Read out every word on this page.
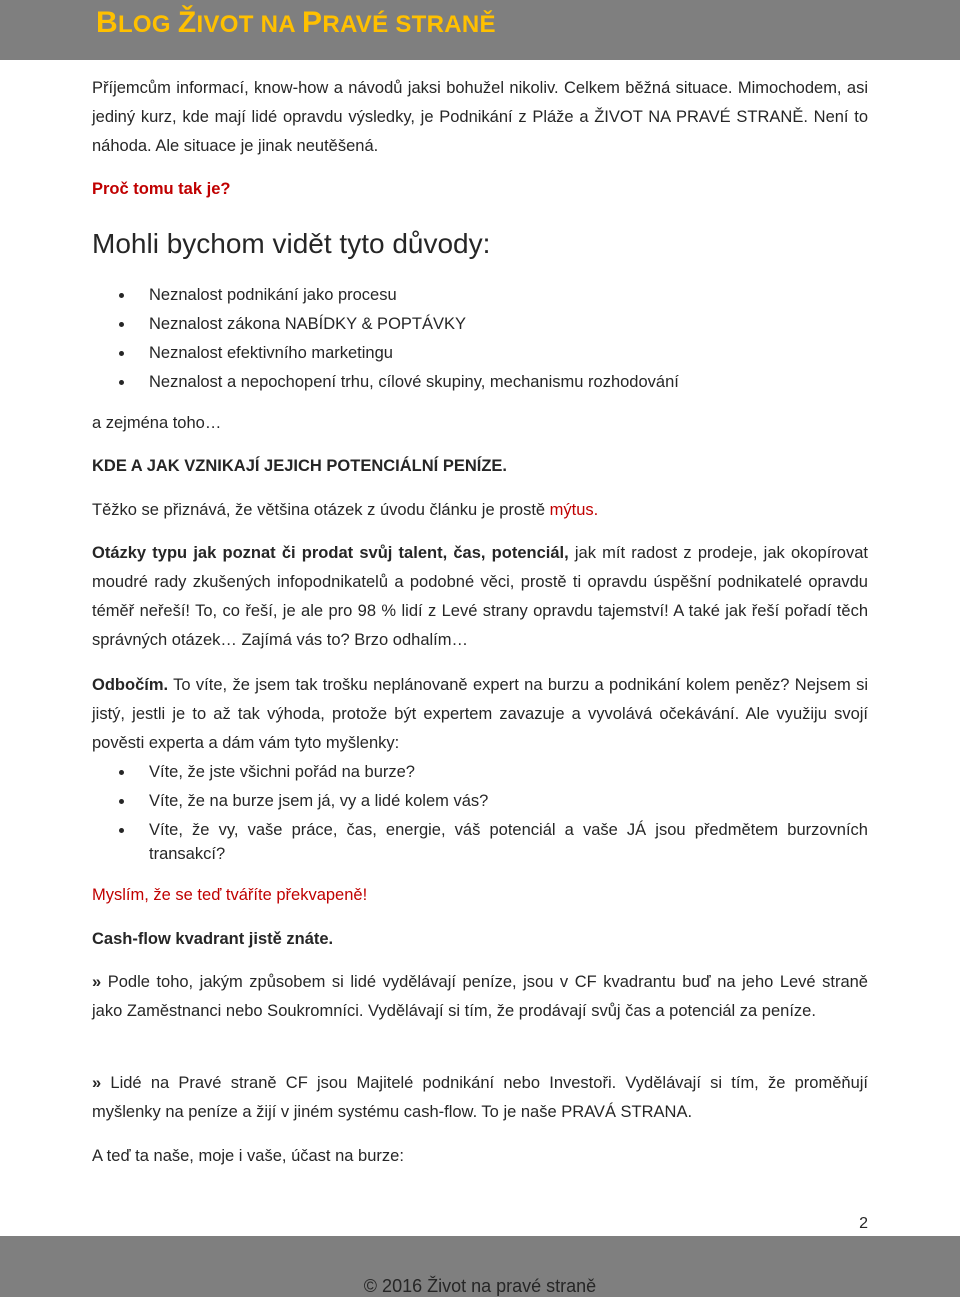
BLOG ŽIVOT NA PRAVÉ STRANĚ

Příjemcům informací, know-how a návodů jaksi bohužel nikoliv. Celkem běžná situace. Mimochodem, asi jediný kurz, kde mají lidé opravdu výsledky, je Podnikání z Pláže a ŽIVOT NA PRAVÉ STRANĚ. Není to náhoda. Ale situace je jinak neutěšená.

Proč tomu tak je?

Mohli bychom vidět tyto důvody:
Neznalost podnikání jako procesu
Neznalost zákona NABÍDKY & POPTÁVKY
Neznalost efektivního marketingu
Neznalost a nepochopení trhu, cílové skupiny, mechanismu rozhodování

a zejména toho…

KDE A JAK VZNIKAJÍ JEJICH POTENCIÁLNÍ PENÍZE.

Těžko se přiznává, že většina otázek z úvodu článku je prostě mýtus.

Otázky typu jak poznat či prodat svůj talent, čas, potenciál, jak mít radost z prodeje, jak okopírovat moudré rady zkušených infopodnikatelů a podobné věci, prostě ti opravdu úspěšní podnikatelé opravdu téměř neřeší! To, co řeší, je ale pro 98 % lidí z Levé strany opravdu tajemství! A také jak řeší pořadí těch správných otázek… Zajímá vás to? Brzo odhalím…

Odbočím. To víte, že jsem tak trošku neplánovaně expert na burzu a podnikání kolem peněz? Nejsem si jistý, jestli je to až tak výhoda, protože být expertem zavazuje a vyvolává očekávání. Ale využiju svojí pověsti experta a dám vám tyto myšlenky:

Víte, že jste všichni pořád na burze?
Víte, že na burze jsem já, vy a lidé kolem vás?
Víte, že vy, vaše práce, čas, energie, váš potenciál a vaše JÁ jsou předmětem burzovních transakcí?

Myslím, že se teď tváříte překvapeně!

Cash-flow kvadrant jistě znáte.

» Podle toho, jakým způsobem si lidé vydělávají peníze, jsou v CF kvadrantu buď na jeho Levé straně jako Zaměstnanci nebo Soukromníci. Vydělávají si tím, že prodávají svůj čas a potenciál za peníze.

» Lidé na Pravé straně CF jsou Majitelé podnikání nebo Investoři. Vydělávají si tím, že proměňují myšlenky na peníze a žijí v jiném systému cash-flow. To je naše PRAVÁ STRANA.

A teď ta naše, moje i vaše, účast na burze:

2
© 2016 Život na pravé straně
